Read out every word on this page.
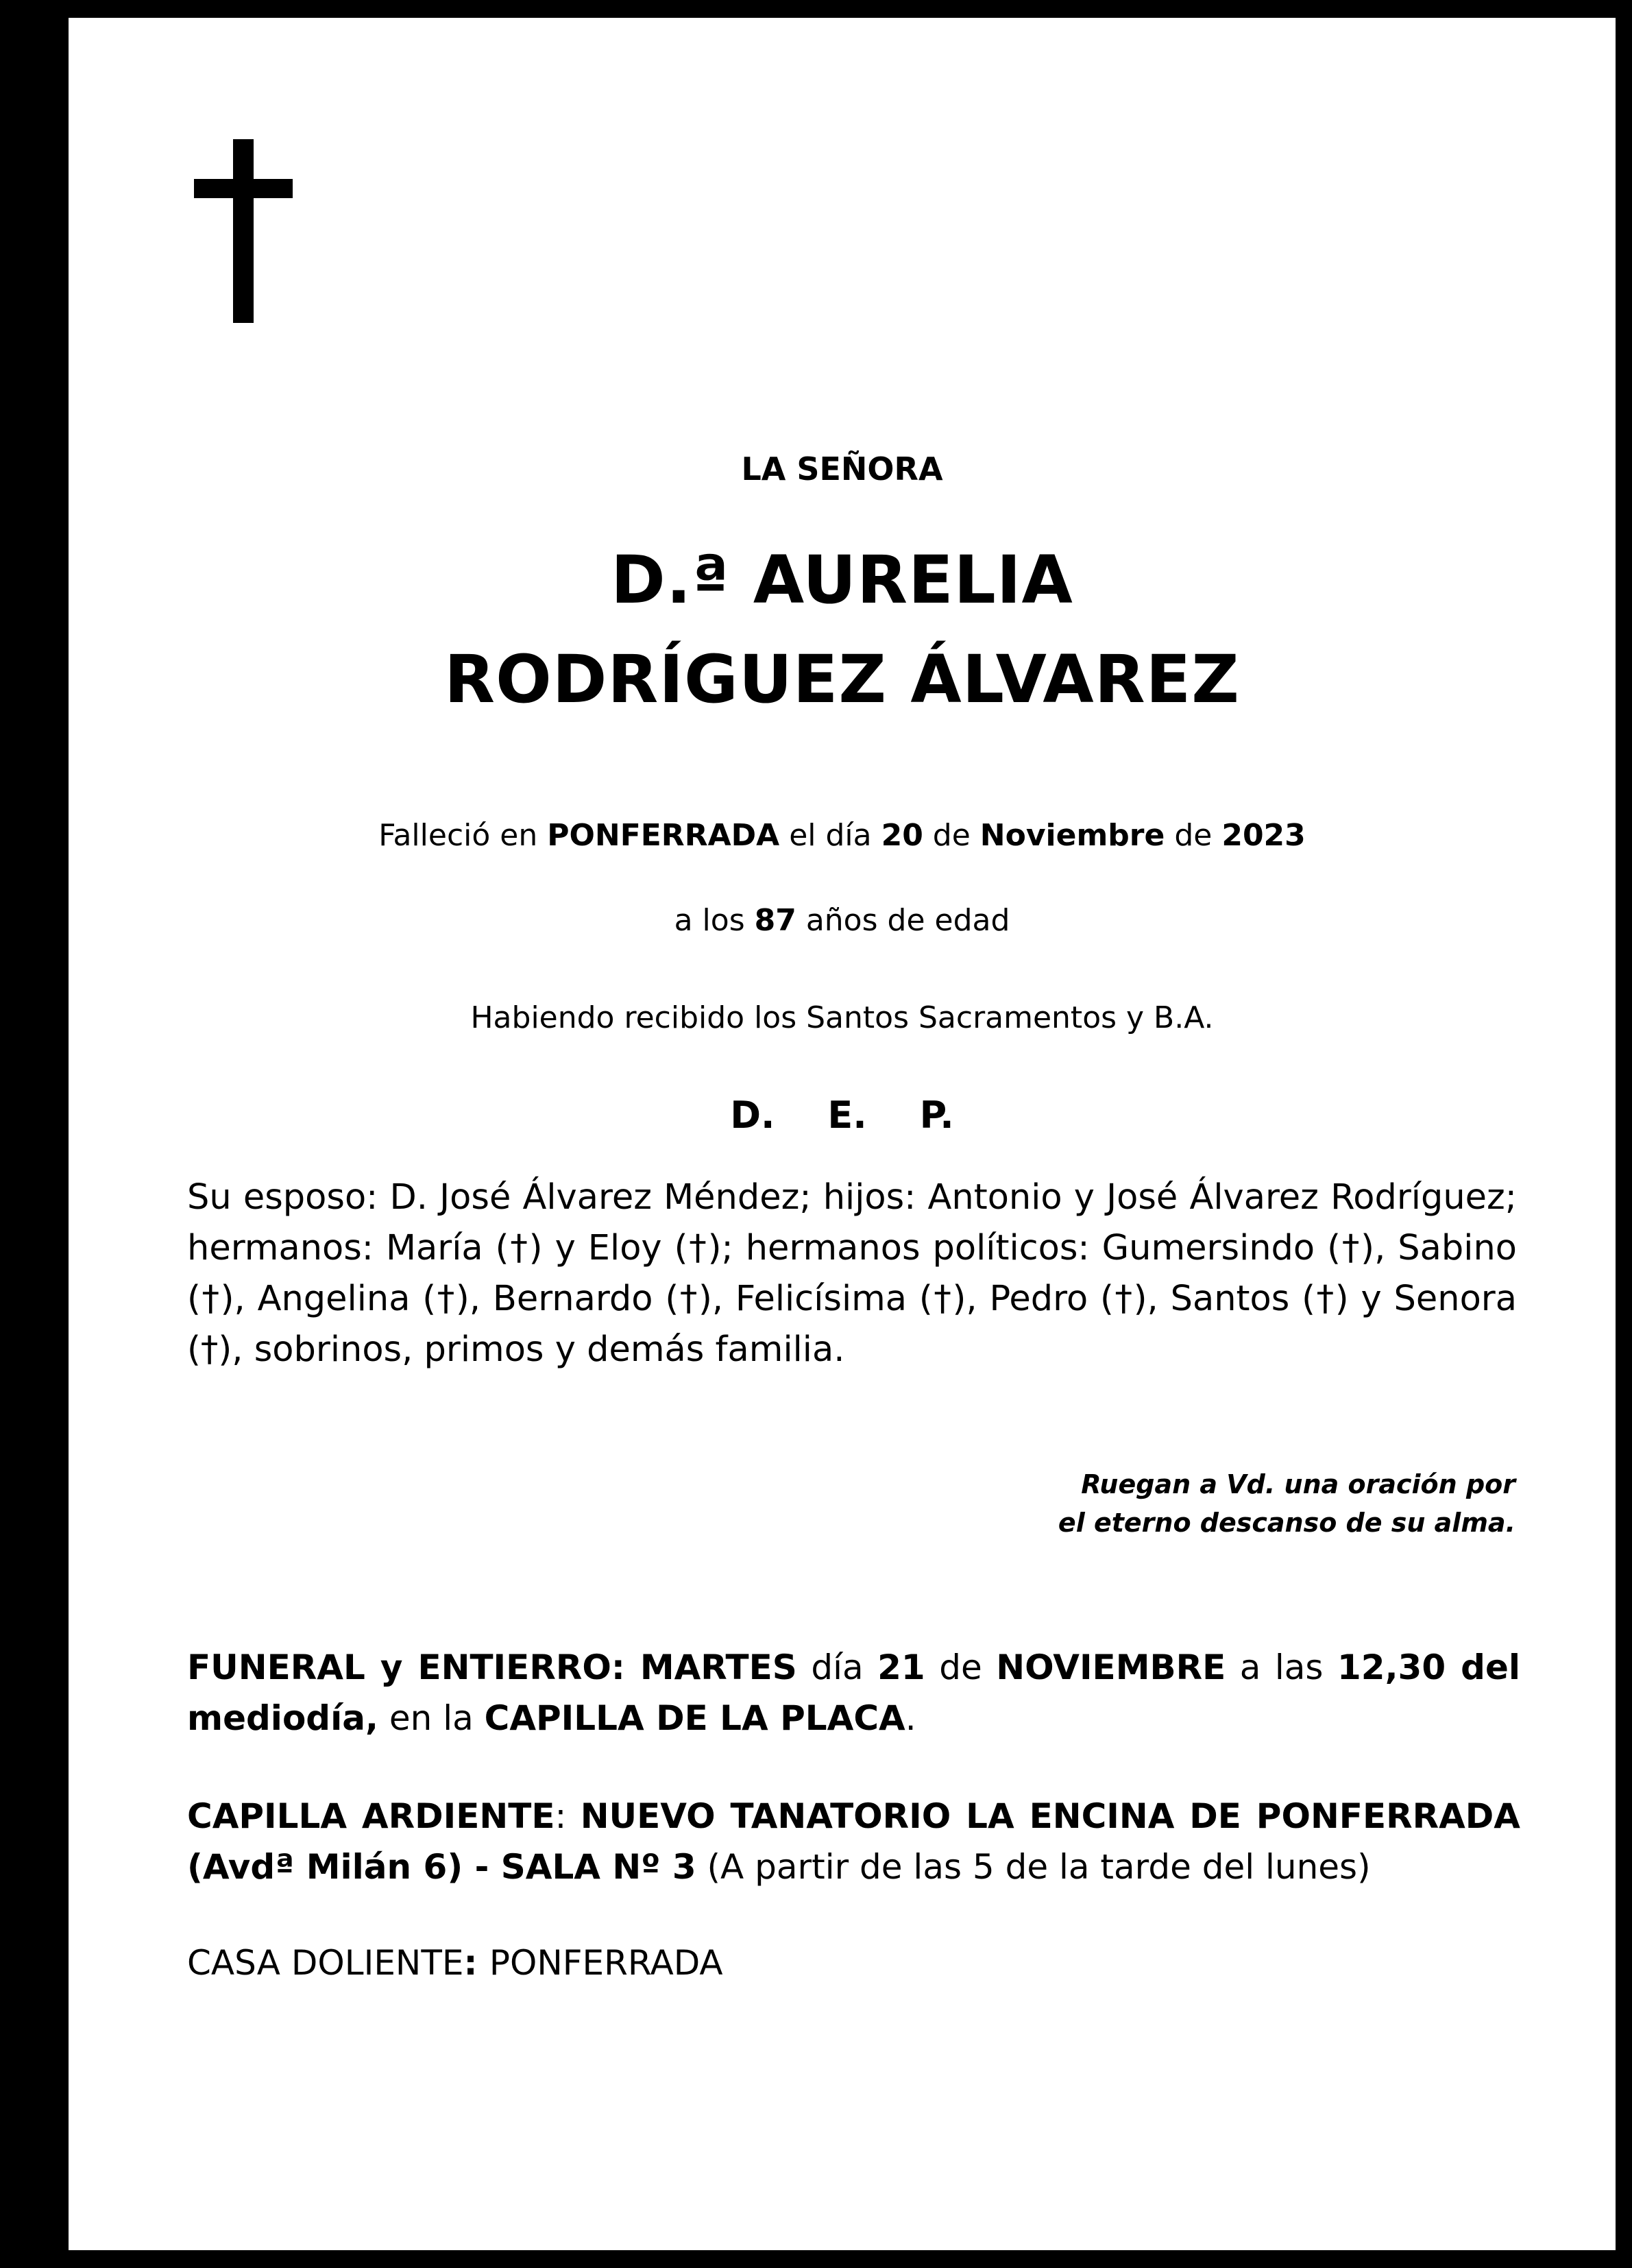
LA SEÑORA
D.ª AURELIA
RODRÍGUEZ ÁLVAREZ
Falleció en PONFERRADA el día 20 de Noviembre de 2023
a los 87 años de edad
Habiendo recibido los Santos Sacramentos y B.A.
D. E. P.
Su esposo: D. José Álvarez Méndez; hijos: Antonio y José Álvarez Rodríguez; hermanos: María (†) y Eloy (†); hermanos políticos: Gumersindo (†), Sabino (†), Angelina (†), Bernardo (†), Felicísima (†), Pedro (†), Santos (†) y Senora (†), sobrinos, primos y demás familia.
Ruegan a Vd. una oración por
el eterno descanso de su alma.
FUNERAL y ENTIERRO: MARTES día 21 de NOVIEMBRE a las 12,30 del mediodía, en la CAPILLA DE LA PLACA.
CAPILLA ARDIENTE: NUEVO TANATORIO LA ENCINA DE PONFERRADA (Avdª Milán 6) - SALA Nº 3 (A partir de las 5 de la tarde del lunes)
CASA DOLIENTE: PONFERRADA
